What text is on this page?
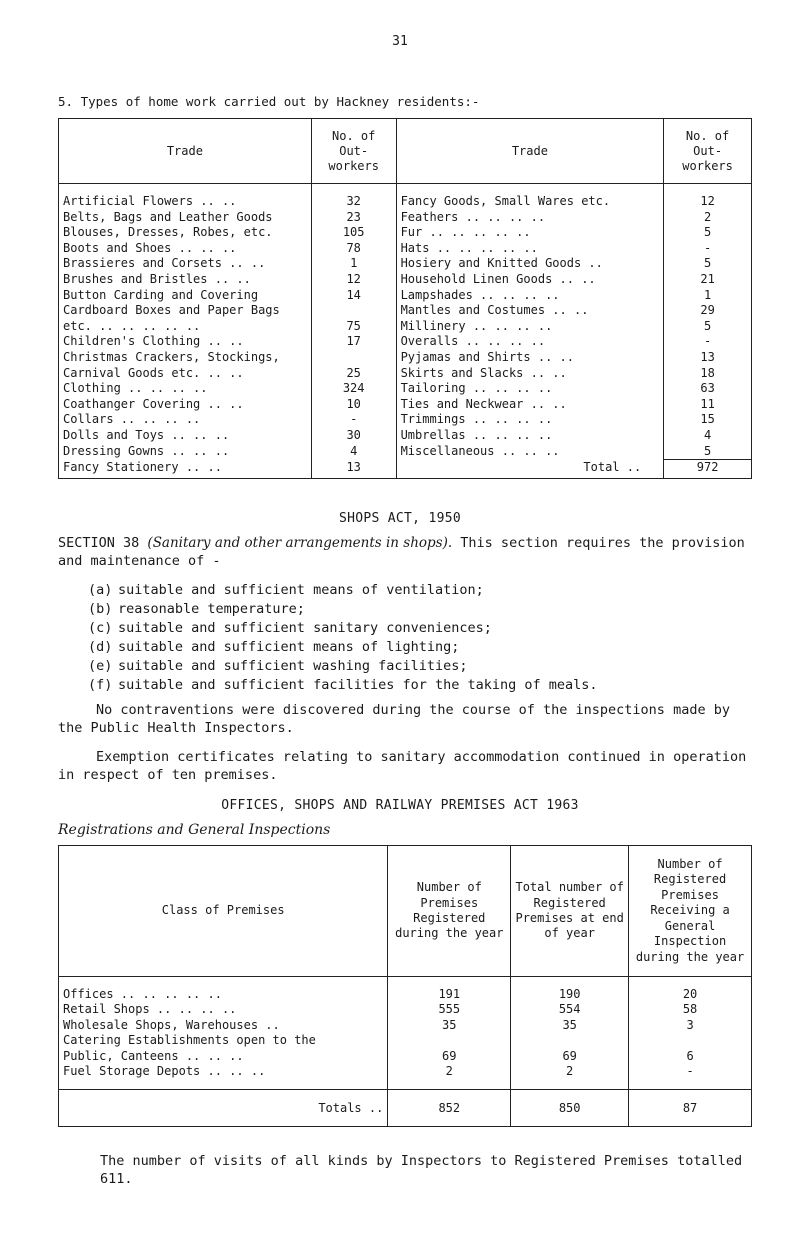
31
5. Types of home work carried out by Hackney residents:-
Trade	No. of Out- workers	Trade	No. of Out- workers
Artificial Flowers .. ..	32	Fancy Goods, Small Wares etc.	12
Belts, Bags and Leather Goods	23	Feathers .. .. .. ..	2
Blouses, Dresses, Robes, etc.	105	Fur .. .. .. .. ..	5
Boots and Shoes .. .. ..	78	Hats .. .. .. .. ..	-
Brassieres and Corsets .. ..	1	Hosiery and Knitted Goods ..	5
Brushes and Bristles .. ..	12	Household Linen Goods .. ..	21
Button Carding and Covering	14	Lampshades .. .. .. ..	1
Cardboard Boxes and Paper Bags		Mantles and Costumes .. ..	29
etc. .. .. .. .. ..	75	Millinery .. .. .. ..	5
Children's Clothing .. ..	17	Overalls .. .. .. ..	-
Christmas Crackers, Stockings,		Pyjamas and Shirts .. ..	13
Carnival Goods etc. .. ..	25	Skirts and Slacks .. ..	18
Clothing .. .. .. ..	324	Tailoring .. .. .. ..	63
Coathanger Covering .. ..	10	Ties and Neckwear .. ..	11
Collars .. .. .. ..	-	Trimmings .. .. .. ..	15
Dolls and Toys .. .. ..	30	Umbrellas .. .. .. ..	4
Dressing Gowns .. .. ..	4	Miscellaneous .. .. ..	5
Fancy Stationery .. ..	13	Total ..	972
SHOPS ACT, 1950
SECTION 38 (Sanitary and other arrangements in shops). This section requires the provision and maintenance of -
(a) suitable and sufficient means of ventilation;
(b) reasonable temperature;
(c) suitable and sufficient sanitary conveniences;
(d) suitable and sufficient means of lighting;
(e) suitable and sufficient washing facilities;
(f) suitable and sufficient facilities for the taking of meals.
No contraventions were discovered during the course of the inspections made by the Public Health Inspectors.
Exemption certificates relating to sanitary accommodation continued in operation in respect of ten premises.
OFFICES, SHOPS AND RAILWAY PREMISES ACT 1963
Registrations and General Inspections
Class of Premises	Number of Premises Registered during the year	Total number of Registered Premises at end of year	Number of Registered Premises Receiving a General Inspection during the year
Offices .. .. .. .. ..	191	190	20
Retail Shops .. .. .. ..	555	554	58
Wholesale Shops, Warehouses ..	35	35	3
Catering Establishments open to the			
Public, Canteens .. .. ..	69	69	6
Fuel Storage Depots .. .. ..	2	2	-

Totals ..	852	850	87
The number of visits of all kinds by Inspectors to Registered Premises totalled 611.
